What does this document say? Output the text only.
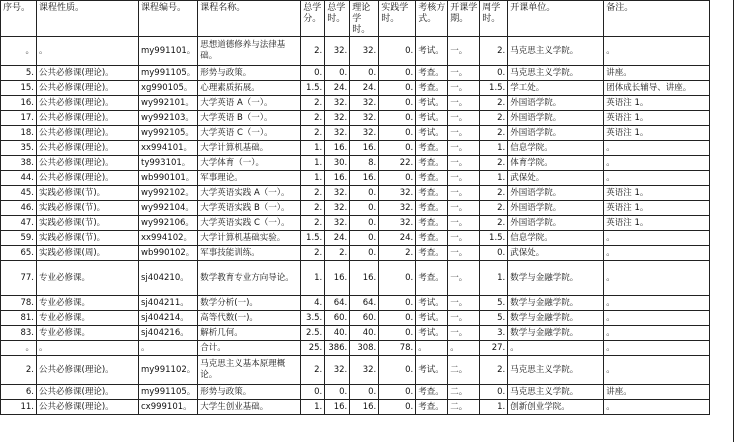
序号。	课程性质。	课程编号。	课程名称。	总学分。	总学时。	理论学时。	实践学时。	考核方式。	开课学期。	周学时。	开课单位。	备注。
。	。	my991101。	思想道德修养与法律基础。	2.	32.	32.	0.	考试。	一。	2.	马克思主义学院。	。
5.	公共必修课(理论)。	my991105。	形势与政策。	0.	0.	0.	0.	考查。	一。	0.	马克思主义学院。	讲座。
15.	公共必修课(理论)。	xg990105。	心理素质拓展。	1.5.	24.	24.	0.	考查。	一。	1.5.	学工处。	团体成长辅导、讲座。
16.	公共必修课(理论)。	wy992101。	大学英语 A（一）。	2.	32.	32.	0.	考试。	一。	2.	外国语学院。	英语注 1。
17.	公共必修课(理论)。	wy992103。	大学英语 B（一）。	2.	32.	32.	0.	考试。	一。	2.	外国语学院。	英语注 1。
18.	公共必修课(理论)。	wy992105。	大学英语 C（一）。	2.	32.	32.	0.	考试。	一。	2.	外国语学院。	英语注 1。
35.	公共必修课(理论)。	xx994101。	大学计算机基础。	1.	16.	16.	0.	考查。	一。	1.	信息学院。	。
38.	公共必修课(理论)。	ty993101。	大学体育（一）。	1.	30.	8.	22.	考查。	一。	2.	体育学院。	。
44.	公共必修课(理论)。	wb990101。	军事理论。	1.	16.	16.	0.	考查。	一。	1.	武保处。	。
45.	实践必修课(节)。	wy992102。	大学英语实践 A（一）。	2.	32.	0.	32.	考查。	一。	2.	外国语学院。	英语注 1。
46.	实践必修课(节)。	wy992104。	大学英语实践 B（一）。	2.	32.	0.	32.	考查。	一。	2.	外国语学院。	英语注 1。
47.	实践必修课(节)。	wy992106。	大学英语实践 C（一）。	2.	32.	0.	32.	考查。	一。	2.	外国语学院。	英语注 1。
59.	实践必修课(节)。	xx994102。	大学计算机基础实验。	1.5.	24.	0.	24.	考查。	一。	1.5.	信息学院。	。
65.	实践必修课(周)。	wb990102。	军事技能训练。	2.	2.	0.	2.	考查。	一。	0.	武保处。	。
77.	专业必修课。	sj404210。	数学教育专业方向导论。	1.	16.	16.	0.	考查。	一。	1.	数学与金融学院。	。
78.	专业必修课。	sj404211。	数学分析(一)。	4.	64.	64.	0.	考试。	一。	5.	数学与金融学院。	。
81.	专业必修课。	sj404214。	高等代数(一)。	3.5.	60.	60.	0.	考试。	一。	5.	数学与金融学院。	。
83.	专业必修课。	sj404216。	解析几何。	2.5.	40.	40.	0.	考试。	一。	3.	数学与金融学院。	。
。	。	。	合计。	25.	386.	308.	78.	。	。	27.	。	。
2.	公共必修课(理论)。	my991102。	马克思主义基本原理概论。	2.	32.	32.	0.	考试。	二。	2.	马克思主义学院。	。
6.	公共必修课(理论)。	my991105。	形势与政策。	0.	0.	0.	0.	考查。	二。	0.	马克思主义学院。	讲座。
11.	公共必修课(理论)。	cx999101。	大学生创业基础。	1.	16.	16.	0.	考查。	二。	1.	创新创业学院。	。
